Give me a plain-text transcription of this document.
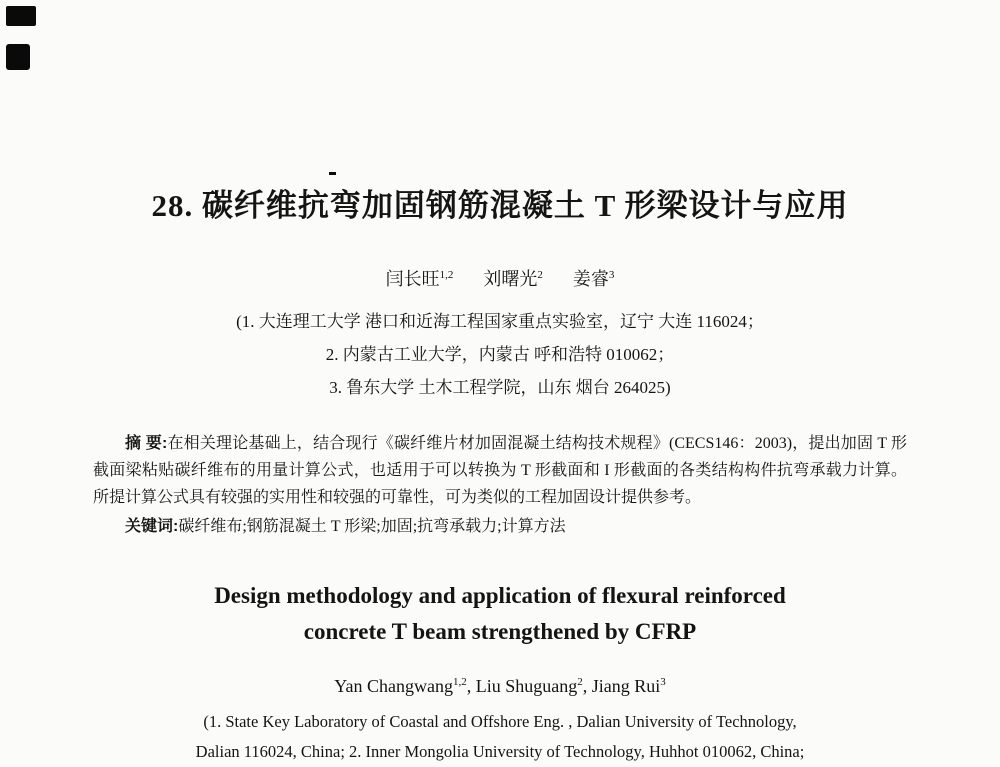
28. 碳纤维抗弯加固钢筋混凝土 T 形梁设计与应用
闫长旺$^{1,2}$ 刘曙光$^2$ 姜睿$^3$
(1. 大连理工大学 港口和近海工程国家重点实验室，辽宁 大连 116024；
2. 内蒙古工业大学，内蒙古 呼和浩特 010062；
3. 鲁东大学 土木工程学院，山东 烟台 264025)

摘 要:在相关理论基础上，结合现行《碳纤维片材加固混凝土结构技术规程》(CECS146：2003)，提出加固 T 形截面梁粘贴碳纤维布的用量计算公式，也适用于可以转换为 T 形截面和 I 形截面的各类结构构件抗弯承载力计算。所提计算公式具有较强的实用性和较强的可靠性，可为类似的工程加固设计提供参考。

关键词:碳纤维布;钢筋混凝土 T 形梁;加固;抗弯承载力;计算方法
Design methodology and application of flexural reinforced
concrete T beam strengthened by CFRP
Yan Changwang$^{1,2}$, Liu Shuguang$^2$, Jiang Rui$^3$
(1. State Key Laboratory of Coastal and Offshore Eng. , Dalian University of Technology,
Dalian 116024, China; 2. Inner Mongolia University of Technology, Huhhot 010062, China;
